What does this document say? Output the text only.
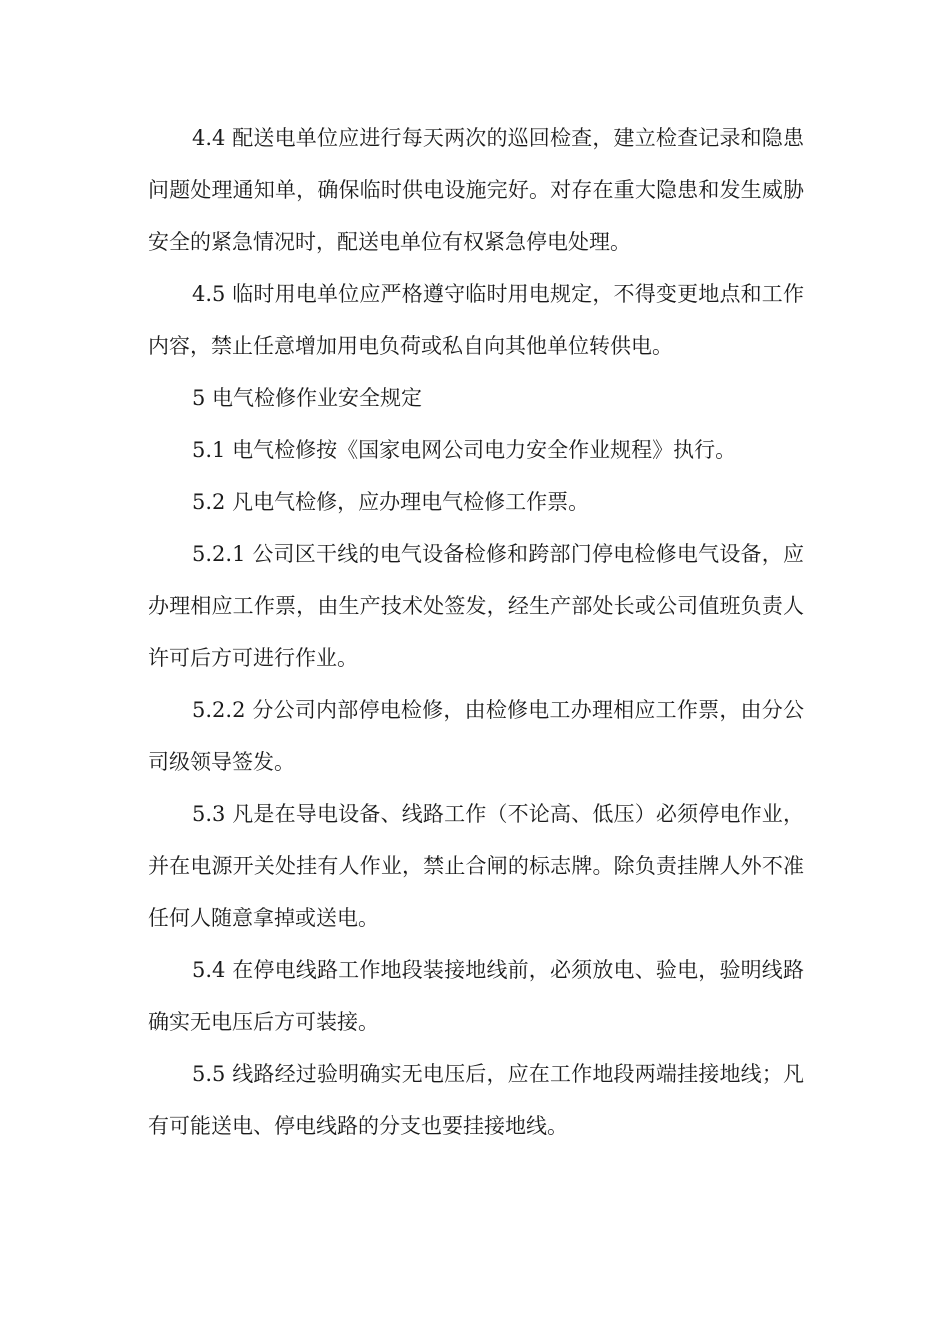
4.4 配送电单位应进行每天两次的巡回检查，建立检查记录和隐患问题处理通知单，确保临时供电设施完好。对存在重大隐患和发生威胁安全的紧急情况时，配送电单位有权紧急停电处理。

4.5 临时用电单位应严格遵守临时用电规定，不得变更地点和工作内容，禁止任意增加用电负荷或私自向其他单位转供电。

5 电气检修作业安全规定

5.1 电气检修按《国家电网公司电力安全作业规程》执行。

5.2 凡电气检修，应办理电气检修工作票。

5.2.1 公司区干线的电气设备检修和跨部门停电检修电气设备，应办理相应工作票，由生产技术处签发，经生产部处长或公司值班负责人许可后方可进行作业。

5.2.2 分公司内部停电检修，由检修电工办理相应工作票，由分公司级领导签发。

5.3 凡是在导电设备、线路工作（不论高、低压）必须停电作业，并在电源开关处挂有人作业，禁止合闸的标志牌。除负责挂牌人外不准任何人随意拿掉或送电。

5.4 在停电线路工作地段装接地线前，必须放电、验电，验明线路确实无电压后方可装接。

5.5 线路经过验明确实无电压后，应在工作地段两端挂接地线；凡有可能送电、停电线路的分支也要挂接地线。
